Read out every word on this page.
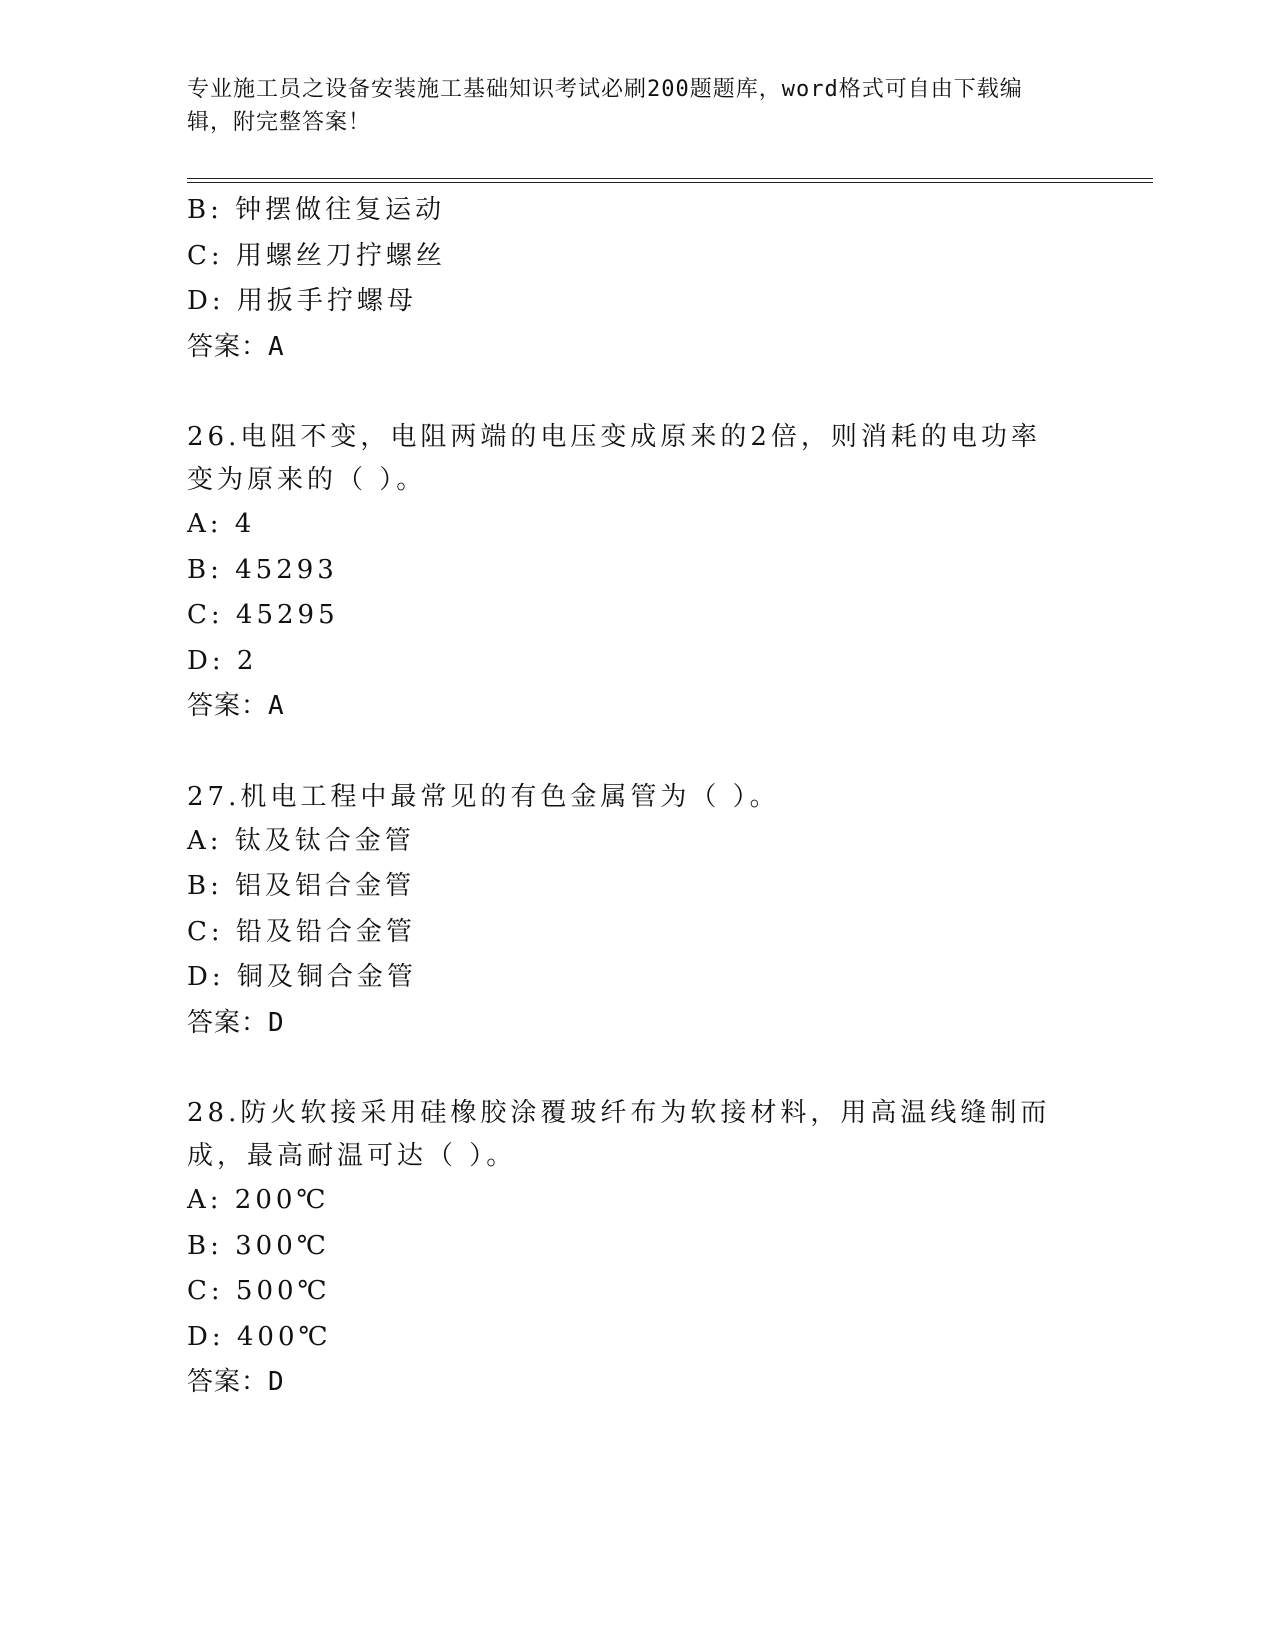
专业施工员之设备安装施工基础知识考试必刷200题题库，word格式可自由下载编辑，附完整答案！
B: 钟摆做往复运动
C: 用螺丝刀拧螺丝
D: 用扳手拧螺母
答案：A
26.电阻不变，电阻两端的电压变成原来的2倍，则消耗的电功率变为原来的（ ）。
A: 4
B: 45293
C: 45295
D: 2
答案：A
27.机电工程中最常见的有色金属管为（ ）。
A: 钛及钛合金管
B: 铝及铝合金管
C: 铅及铅合金管
D: 铜及铜合金管
答案：D
28.防火软接采用硅橡胶涂覆玻纤布为软接材料，用高温线缝制而成，最高耐温可达（ ）。
A: 200℃
B: 300℃
C: 500℃
D: 400℃
答案：D
